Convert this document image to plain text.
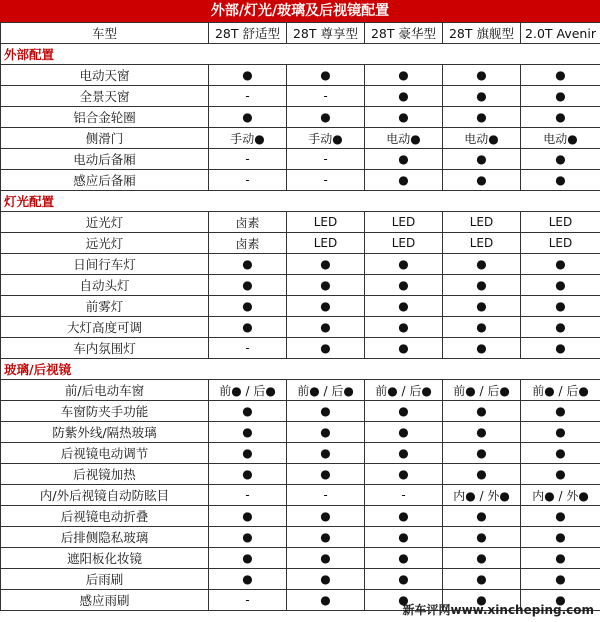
外部/灯光/玻璃及后视镜配置
车型	28T 舒适型	28T 尊享型	28T 豪华型	28T 旗舰型	2.0T Avenir
外部配置					
电动天窗	●	●	●	●	●
全景天窗	-	-	●	●	●
铝合金轮圈	●	●	●	●	●
侧滑门	手动●	手动●	电动●	电动●	电动●
电动后备厢	-	-	●	●	●
感应后备厢	-	-	●	●	●
灯光配置					
近光灯	卤素	LED	LED	LED	LED
远光灯	卤素	LED	LED	LED	LED
日间行车灯	●	●	●	●	●
自动头灯	●	●	●	●	●
前雾灯	●	●	●	●	●
大灯高度可调	●	●	●	●	●
车内氛围灯	-	●	●	●	●
玻璃/后视镜					
前/后电动车窗	前● / 后●	前● / 后●	前● / 后●	前● / 后●	前● / 后●
车窗防夹手功能	●	●	●	●	●
防紫外线/隔热玻璃	●	●	●	●	●
后视镜电动调节	●	●	●	●	●
后视镜加热	●	●	●	●	●
内/外后视镜自动防眩目	-	-	-	内● / 外●	内● / 外●
后视镜电动折叠	●	●	●	●	●
后排侧隐私玻璃	●	●	●	●	●
遮阳板化妆镜	●	●	●	●	●
后雨刷	●	●	●	●	●
感应雨刷	-	●	●	●	●
新车评网www.xincheping.com
